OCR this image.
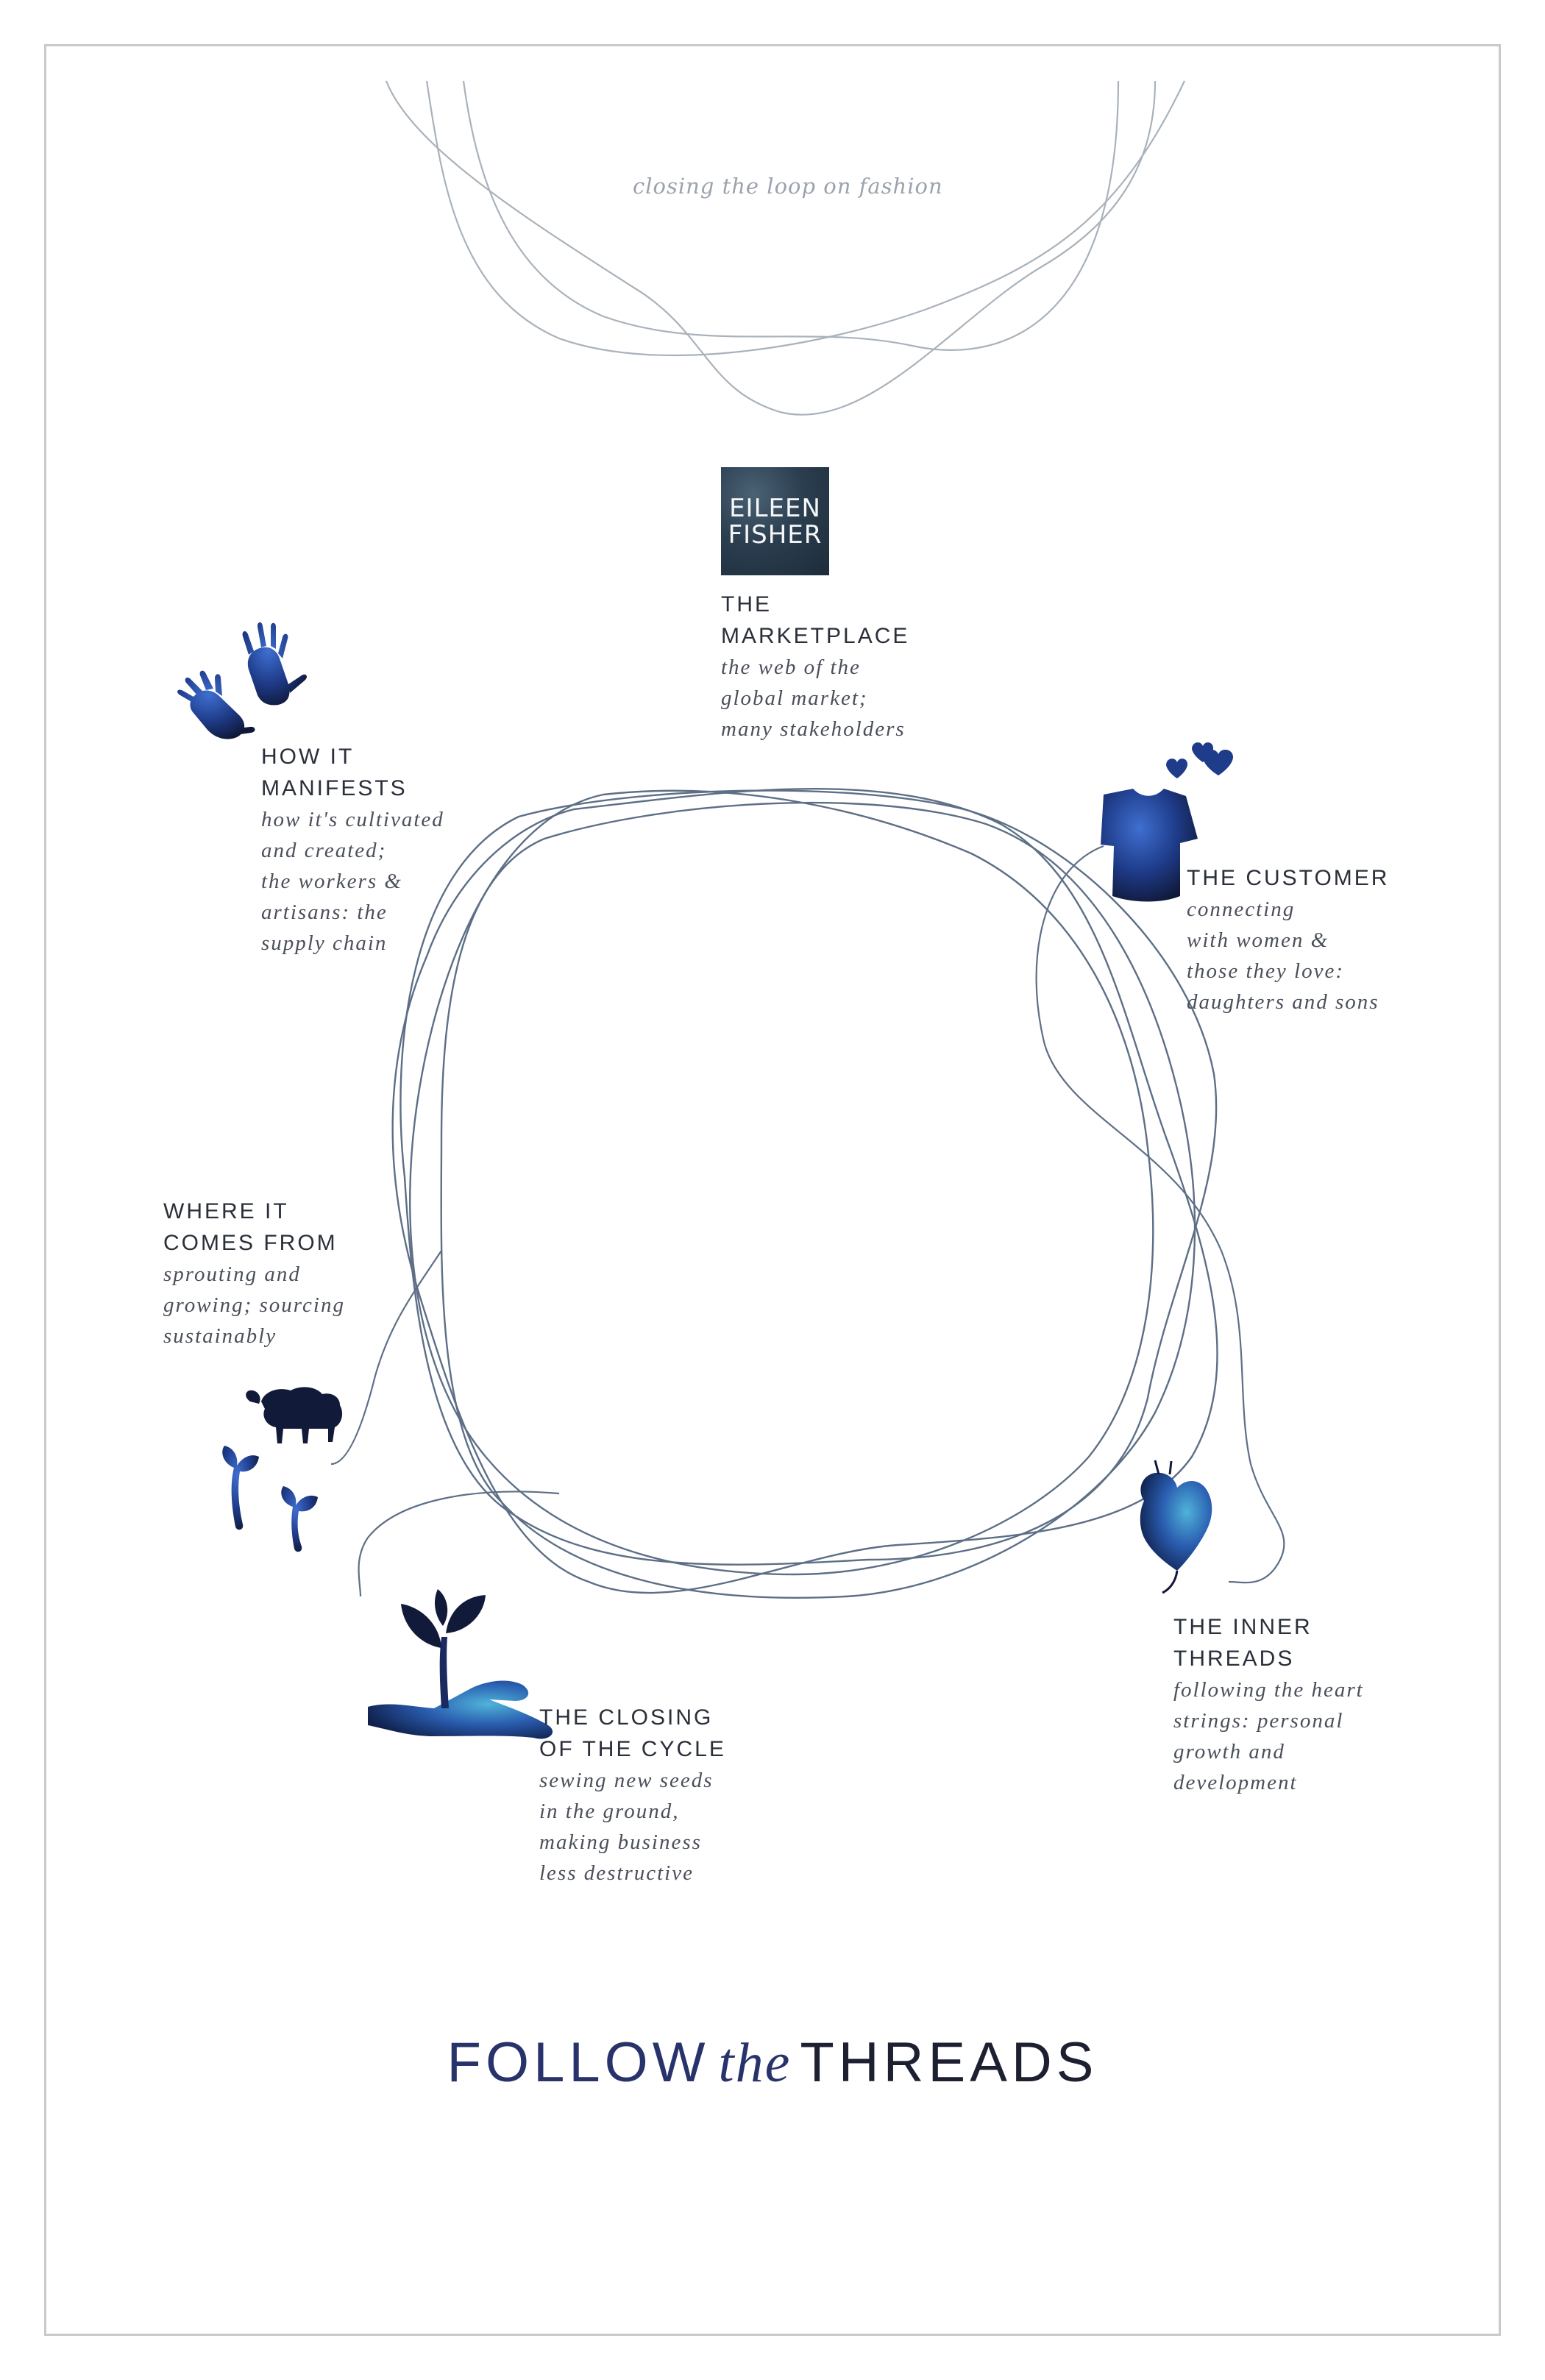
closing the loop on fashion
EILEEN
FISHER
THE
MARKETPLACE
the web of the
global market;
many stakeholders
HOW IT
MANIFESTS
how it's cultivated
and created;
the workers &
artisans: the
supply chain
THE CUSTOMER
connecting
with women &
those they love:
daughters and sons
WHERE IT
COMES FROM
sprouting and
growing; sourcing
sustainably
THE INNER
THREADS
following the heart
strings: personal
growth and
development
THE CLOSING
OF THE CYCLE
sewing new seeds
in the ground,
making business
less destructive
FOLLOW the THREADS
